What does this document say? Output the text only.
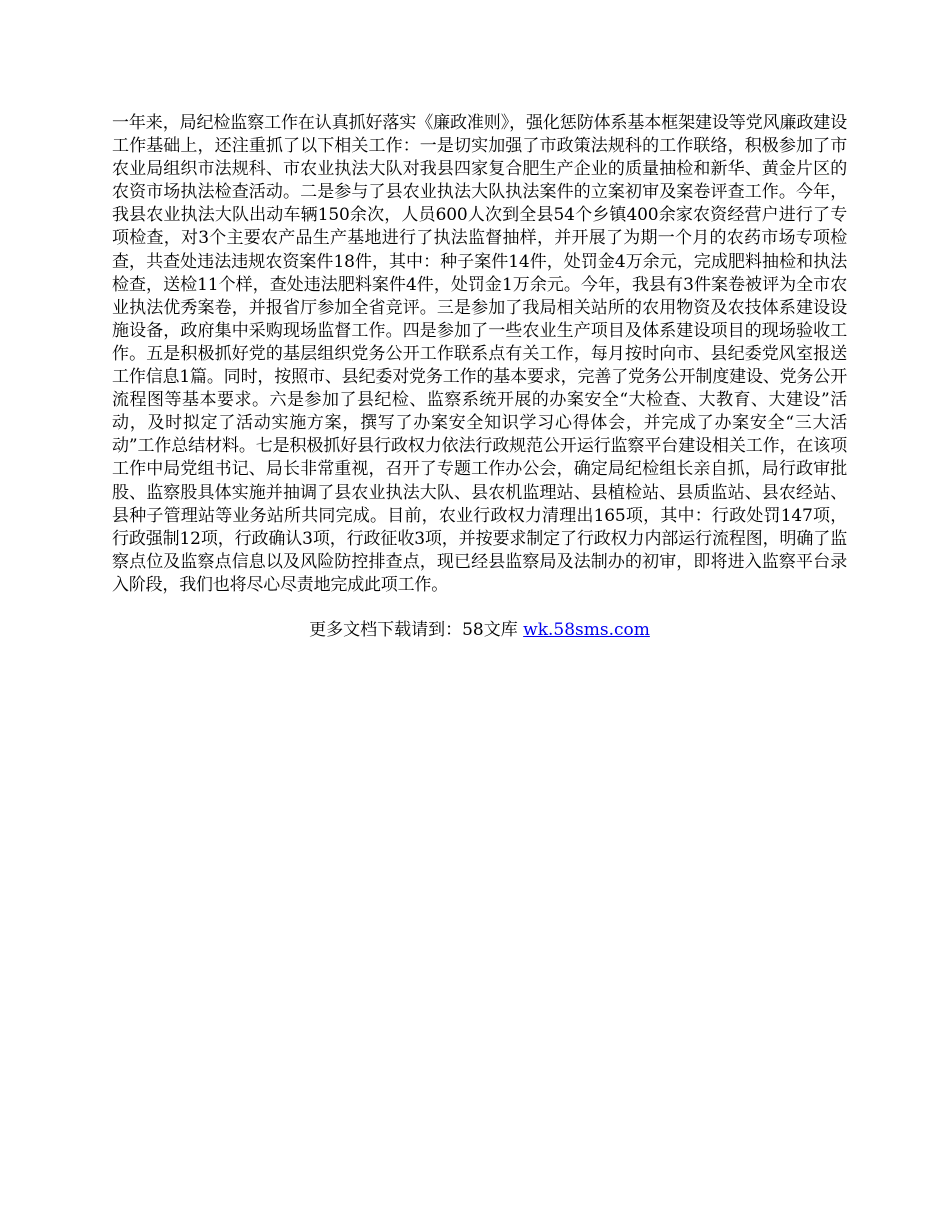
一年来，局纪检监察工作在认真抓好落实《廉政准则》，强化惩防体系基本框架建设等党风廉政建设工作基础上，还注重抓了以下相关工作：一是切实加强了市政策法规科的工作联络，积极参加了市农业局组织市法规科、市农业执法大队对我县四家复合肥生产企业的质量抽检和新华、黄金片区的农资市场执法检查活动。二是参与了县农业执法大队执法案件的立案初审及案卷评查工作。今年，我县农业执法大队出动车辆150余次，人员600人次到全县54个乡镇400余家农资经营户进行了专项检查，对3个主要农产品生产基地进行了执法监督抽样，并开展了为期一个月的农药市场专项检查，共查处违法违规农资案件18件，其中：种子案件14件，处罚金4万余元，完成肥料抽检和执法检查，送检11个样，查处违法肥料案件4件，处罚金1万余元。今年，我县有3件案卷被评为全市农业执法优秀案卷，并报省厅参加全省竞评。三是参加了我局相关站所的农用物资及农技体系建设设施设备，政府集中采购现场监督工作。四是参加了一些农业生产项目及体系建设项目的现场验收工作。五是积极抓好党的基层组织党务公开工作联系点有关工作，每月按时向市、县纪委党风室报送工作信息1篇。同时，按照市、县纪委对党务工作的基本要求，完善了党务公开制度建设、党务公开流程图等基本要求。六是参加了县纪检、监察系统开展的办案安全“大检查、大教育、大建设”活动，及时拟定了活动实施方案，撰写了办案安全知识学习心得体会，并完成了办案安全“三大活动”工作总结材料。七是积极抓好县行政权力依法行政规范公开运行监察平台建设相关工作，在该项工作中局党组书记、局长非常重视，召开了专题工作办公会，确定局纪检组长亲自抓，局行政审批股、监察股具体实施并抽调了县农业执法大队、县农机监理站、县植检站、县质监站、县农经站、县种子管理站等业务站所共同完成。目前，农业行政权力清理出165项，其中：行政处罚147项，行政强制12项，行政确认3项，行政征收3项，并按要求制定了行政权力内部运行流程图，明确了监察点位及监察点信息以及风险防控排查点，现已经县监察局及法制办的初审，即将进入监察平台录入阶段，我们也将尽心尽责地完成此项工作。

更多文档下载请到：58文库 wk.58sms.com
